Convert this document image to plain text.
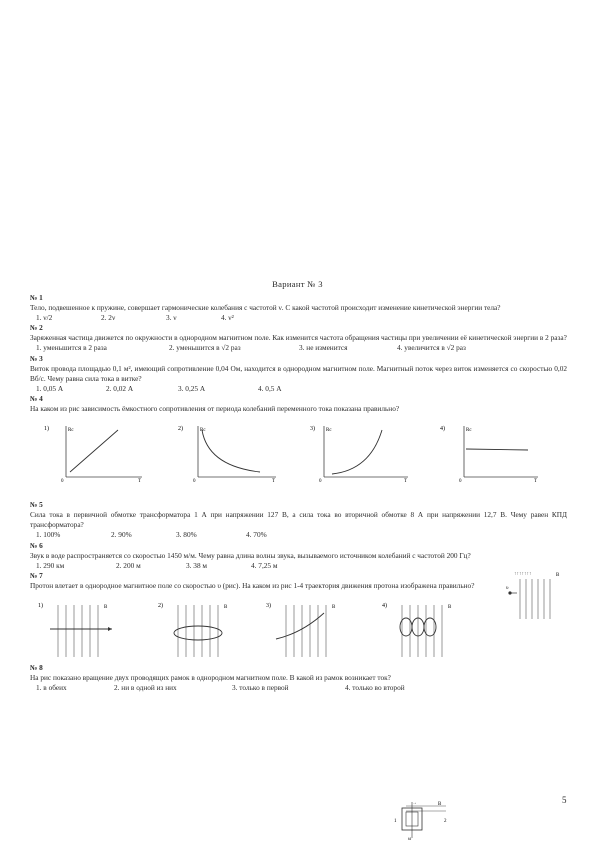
Вариант № 3
№ 1
Тело, подвешенное к пружине, совершает гармонические колебания с частотой ν. С какой частотой происходит изменение кинетической энергии тела?
1. ν/2	2. 2ν	3. ν	4. ν²
№ 2
Заряженная частица движется по окружности в однородном магнитном поле. Как изменится частота обращения частицы при увеличении её кинетической энергии в 2 раза?
1. уменьшится в 2 раза	2. уменьшится в √2 раз	3. не изменится	4. увеличится в √2 раз
№ 3
Виток провода площадью 0,1 м², имеющий сопротивление 0,04 Ом, находится в однородном магнитном поле. Магнитный поток через виток изменяется со скоростью 0,02 Вб/с. Чему равна сила тока в витке?
1. 0,05 А	2. 0,02 А	3. 0,25 А	4. 0,5 А
№ 4
На каком из рис зависимость ёмкостного сопротивления от периода колебаний переменного тока показана правильно?
1)	Rc
T
0
2)	Rc
T
0
3) Rc
T
0
4)	Rc
T
0
№ 5
Сила тока в первичной обмотке трансформатора 1 А при напряжении 127 В, а сила тока во вторичной обмотке 8 А при напряжении 12,7 В. Чему равен КПД трансформатора?
1. 100%	2. 90%	3. 80%	4. 70%
№ 6
Звук в воде распространяется со скоростью 1450 м/м. Чему равна длина волны звука, вызываемого источником колебаний с частотой 200 Гц?
1. 290 км	2. 200 м	3. 38 м	4. 7,25 м
№ 7
Протон влетает в однородное магнитное поле со скоростью υ (рис). На каком из рис 1-4 траектория движения протона изображена правильно?
↑↑↑↑↑↑↑	B
υ
1)	B	2)	B	3)	B	4)	B
№ 8
На рис показано вращение двух проводящих рамок в однородном магнитном поле. В какой из рамок возникает ток?
1. в обеих	2. ни в одной из них	3. только в первой	4. только во второй
→	B
1	2
ω
5
